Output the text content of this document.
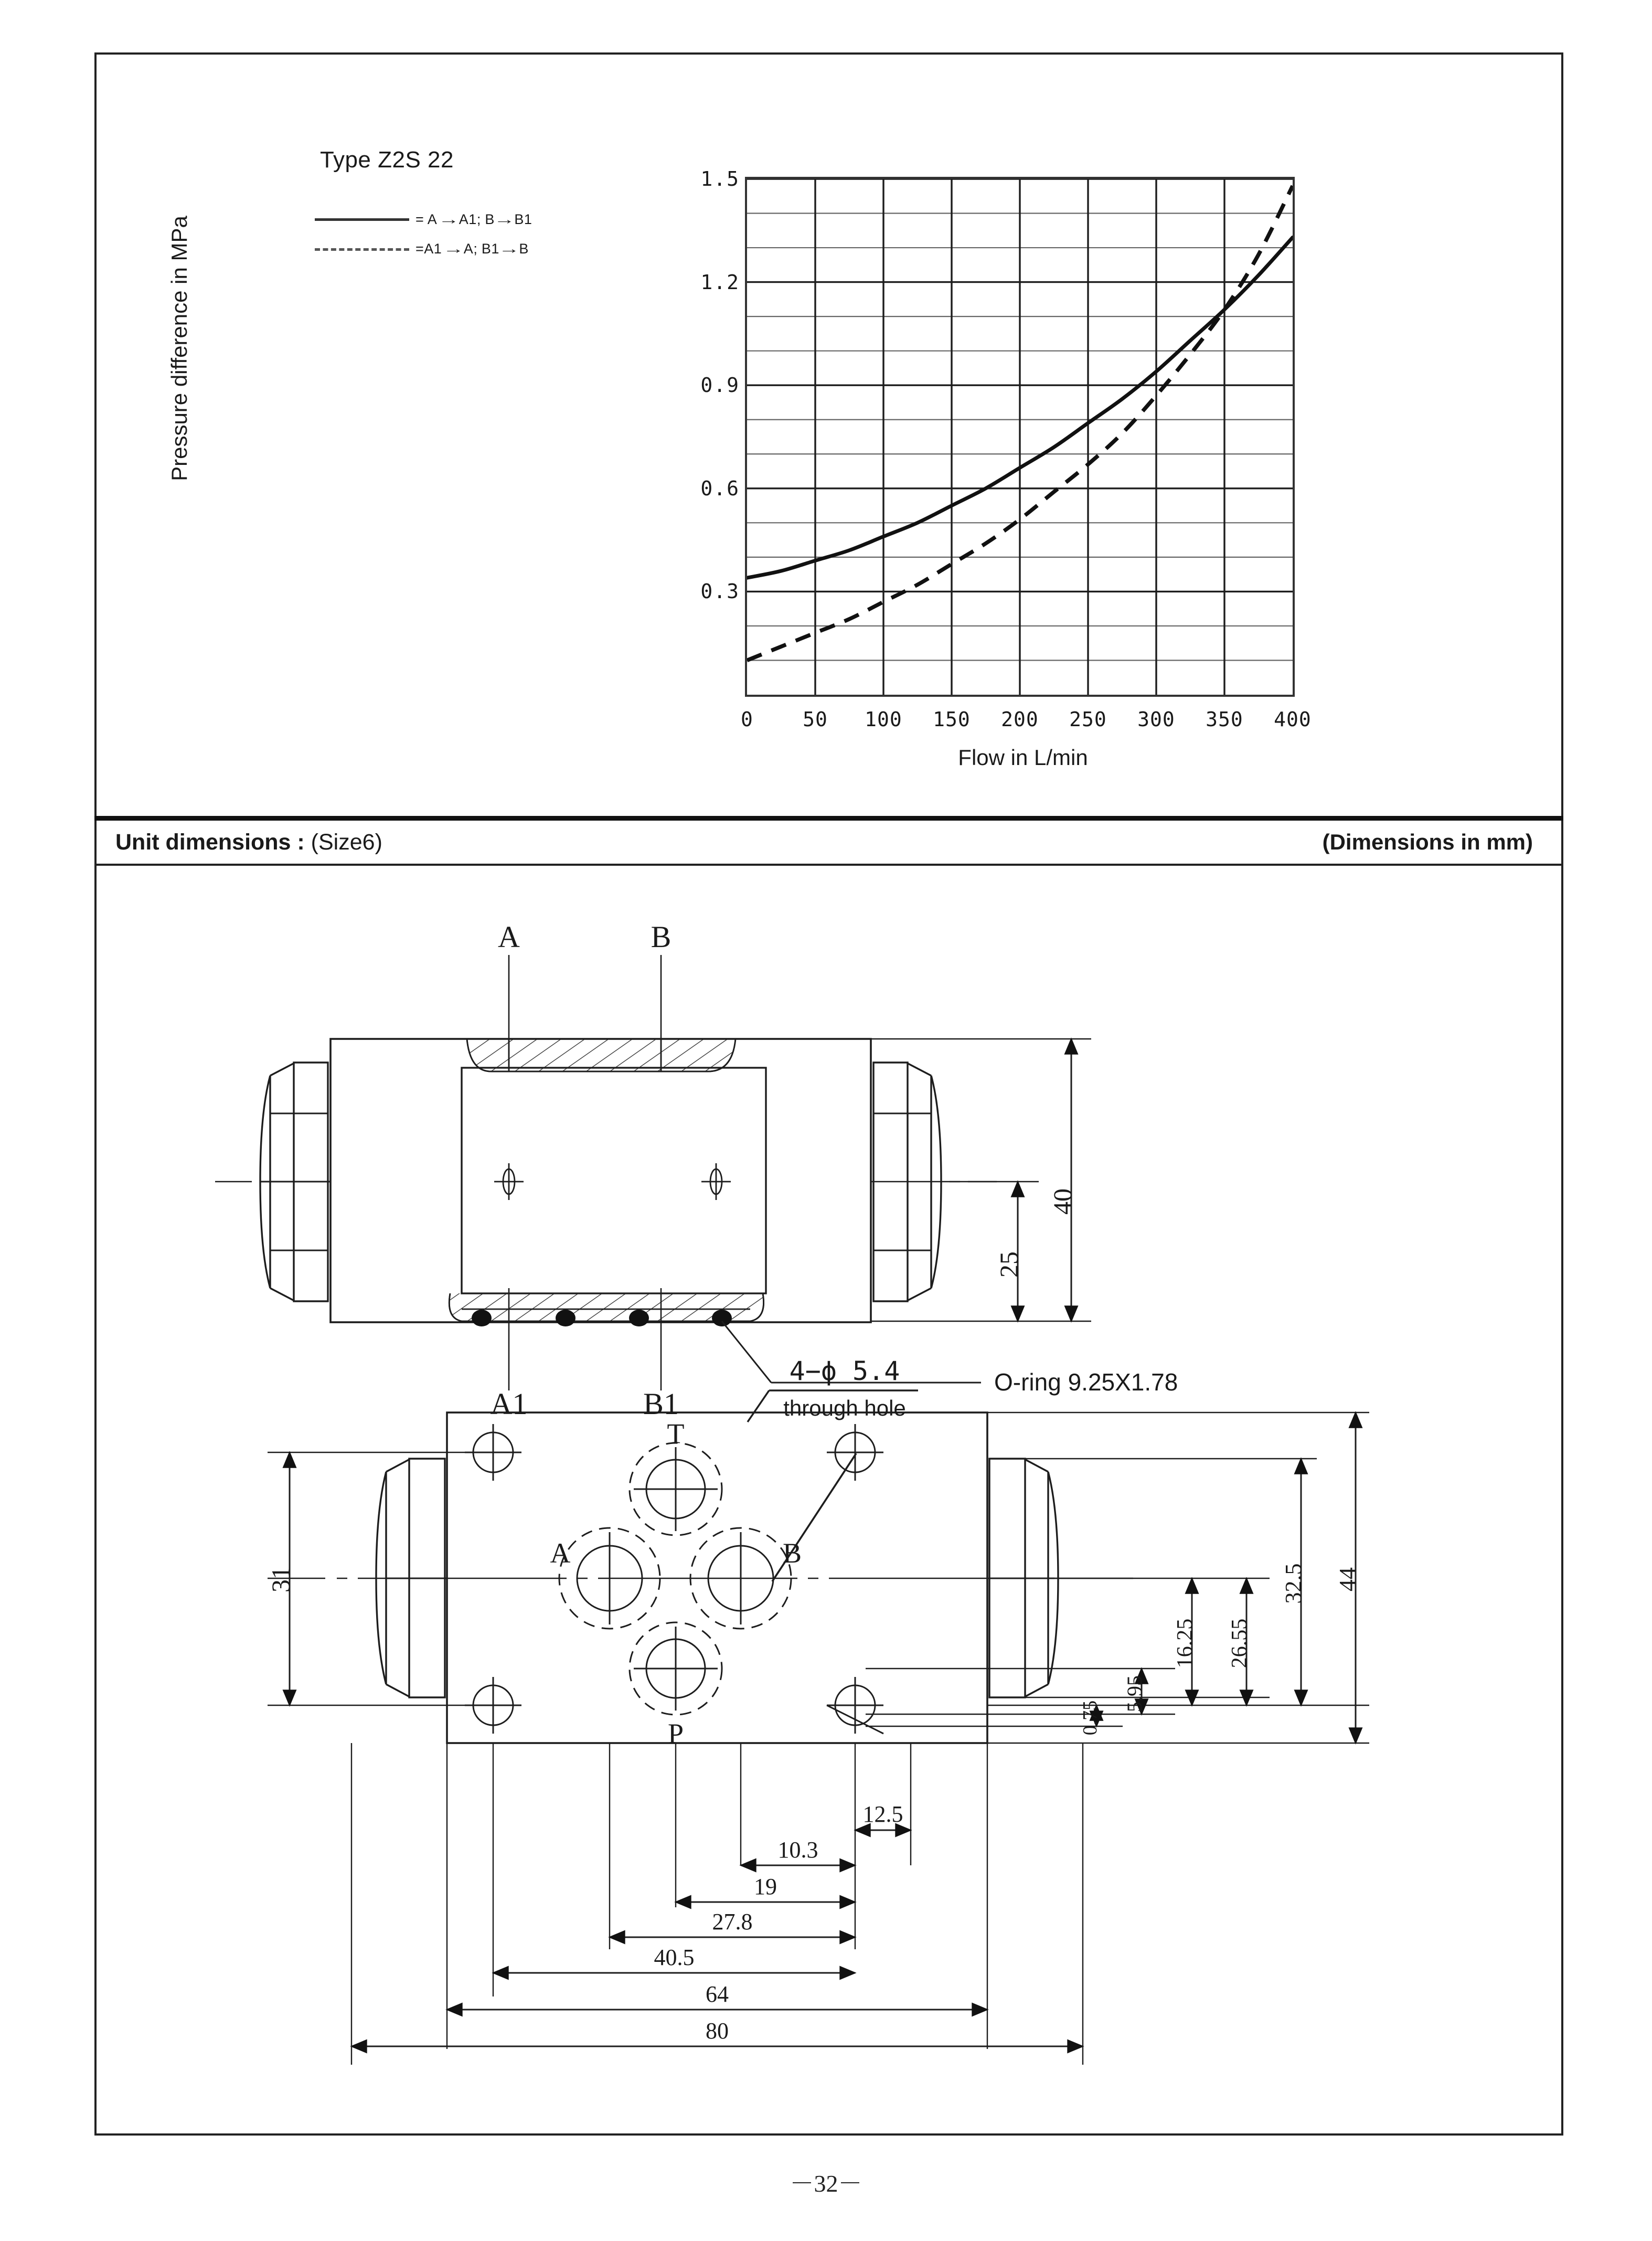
Type Z2S 22
= A→A1; B→B1
=A1→A; B1→B
Pressure difference in MPa
0.3
0.6
0.9
1.2
1.5
0	50	100	150	200	250	300	350	400
Flow in L/min
Unit dimensions : (Size6)	(Dimensions in mm)
A	B
A1	B1
O-ring 9.25X1.78
40
25
T
A	B
P
4−ϕ 5.4
through hole
31	44
32.5
26.55
16.25
5.95
0.75
12.5
10.3
19
27.8
40.5
64
80
－32－
